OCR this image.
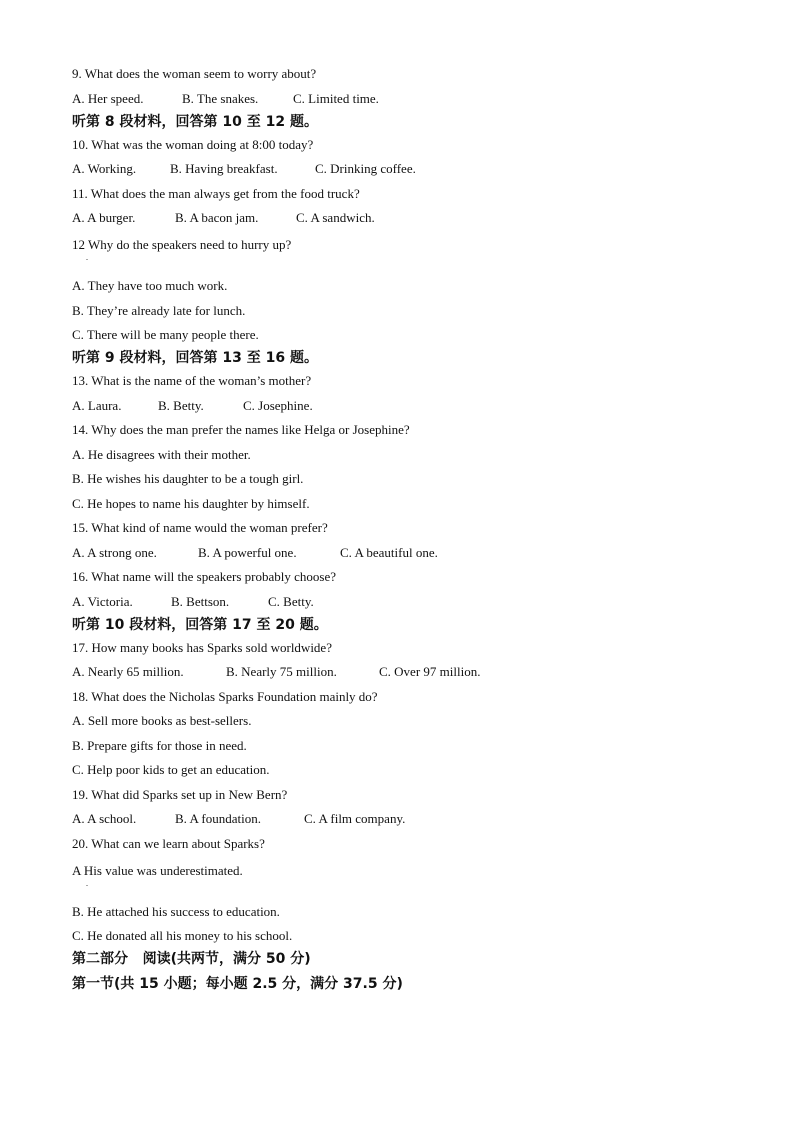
9. What does the woman seem to worry about?
A. Her speed.	B. The snakes.	C. Limited time.
听第 8 段材料，回答第 10 至 12 题。
10. What was the woman doing at 8:00 today?
A. Working.	B. Having breakfast.	C. Drinking coffee.
11. What does the man always get from the food truck?
A. A burger.	B. A bacon jam.	C. A sandwich.
12 Why do the speakers need to hurry up?
.
A. They have too much work.
B. They’re already late for lunch.
C. There will be many people there.
听第 9 段材料，回答第 13 至 16 题。
13. What is the name of the woman’s mother?
A. Laura.	B. Betty.	C. Josephine.
14. Why does the man prefer the names like Helga or Josephine?
A. He disagrees with their mother.
B. He wishes his daughter to be a tough girl.
C. He hopes to name his daughter by himself.
15. What kind of name would the woman prefer?
A. A strong one.	B. A powerful one.	C. A beautiful one.
16. What name will the speakers probably choose?
A. Victoria.	B. Bettson.	C. Betty.
听第 10 段材料，回答第 17 至 20 题。
17. How many books has Sparks sold worldwide?
A. Nearly 65 million.	B. Nearly 75 million.	C. Over 97 million.
18. What does the Nicholas Sparks Foundation mainly do?
A. Sell more books as best-sellers.
B. Prepare gifts for those in need.
C. Help poor kids to get an education.
19. What did Sparks set up in New Bern?
A. A school.	B. A foundation.	C. A film company.
20. What can we learn about Sparks?
A His value was underestimated.
.
B. He attached his success to education.
C. He donated all his money to his school.
第二部分   阅读(共两节，满分 50 分)
第一节(共 15 小题；每小题 2.5 分，满分 37.5 分)
